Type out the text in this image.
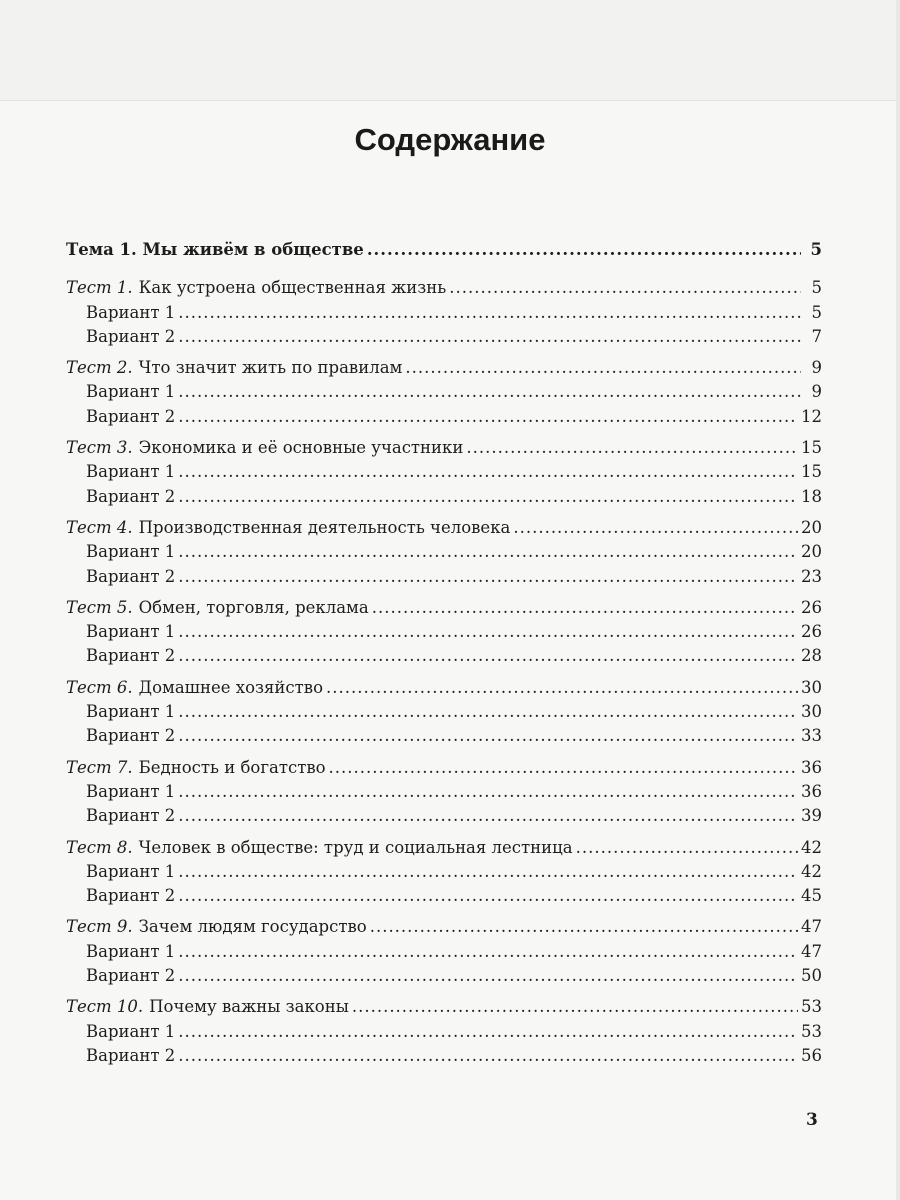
Содержание
Тема 1. Мы живём в обществе .....	5
Тест 1. Как устроена общественная жизнь .....	5
Вариант 1 .....	5
Вариант 2 .....	7
Тест 2. Что значит жить по правилам .....	9
Вариант 1 .....	9
Вариант 2 .....	12
Тест 3. Экономика и её основные участники .....	15
Вариант 1 .....	15
Вариант 2 .....	18
Тест 4. Производственная деятельность человека .....	20
Вариант 1 .....	20
Вариант 2 .....	23
Тест 5. Обмен, торговля, реклама .....	26
Вариант 1 .....	26
Вариант 2 .....	28
Тест 6. Домашнее хозяйство .....	30
Вариант 1 .....	30
Вариант 2 .....	33
Тест 7. Бедность и богатство .....	36
Вариант 1 .....	36
Вариант 2 .....	39
Тест 8. Человек в обществе: труд и социальная лестница .....	42
Вариант 1 .....	42
Вариант 2 .....	45
Тест 9. Зачем людям государство .....	47
Вариант 1 .....	47
Вариант 2 .....	50
Тест 10. Почему важны законы .....	53
Вариант 1 .....	53
Вариант 2 .....	56
3
